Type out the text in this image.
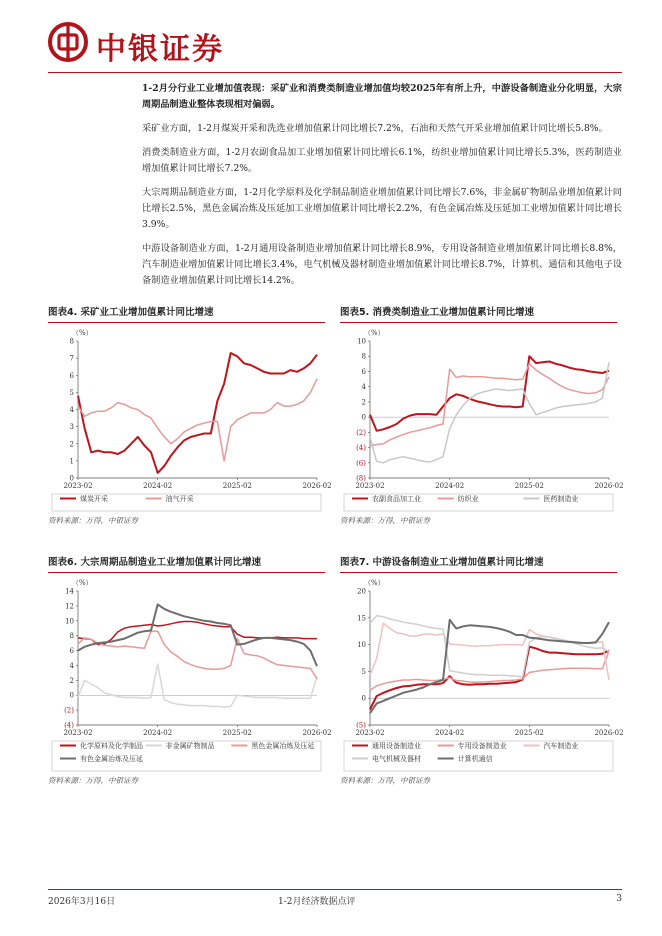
中银证券

1-2月分行业工业增加值表现：采矿业和消费类制造业增加值均较2025年有所上升，中游设备制造业分化明显，大宗周期品制造业整体表现相对偏弱。

采矿业方面，1-2月煤炭开采和洗选业增加值累计同比增长7.2%，石油和天然气开采业增加值累计同比增长5.8%。

消费类制造业方面，1-2月农副食品加工业增加值累计同比增长6.1%，纺织业增加值累计同比增长5.3%，医药制造业增加值累计同比增长7.2%。

大宗周期品制造业方面，1-2月化学原料及化学制品制造业增加值累计同比增长7.6%，非金属矿物制品业增加值累计同比增长2.5%，黑色金属冶炼及压延加工业增加值累计同比增长2.2%，有色金属冶炼及压延加工业增加值累计同比增长3.9%。

中游设备制造业方面，1-2月通用设备制造业增加值累计同比增长8.9%，专用设备制造业增加值累计同比增长8.8%，汽车制造业增加值累计同比增长3.4%，电气机械及器材制造业增加值累计同比增长8.7%，计算机、通信和其他电子设备制造业增加值累计同比增长14.2%。

图表4. 采矿业工业增加值累计同比增速
（%）
0
1
2
3
4
5
6
7
8
2023-02	2024-02	2025-02	2026-02
煤炭开采	油气开采
资料来源：万得，中银证券
图表5. 消费类制造业工业增加值累计同比增速
（%）
(8)
(6)
(4)
(2)
0
2
4
6
8
10
2023-02	2024-02	2025-02	2026-02
农副食品加工业	纺织业	医药制造业
资料来源：万得，中银证券
图表6. 大宗周期品制造业工业增加值累计同比增速
（%）
(4)
(2)
0
2
4
6
8
10
12
14
2023-02	2024-02	2025-02	2026-02
化学原料及化学制品	非金属矿物制品	黑色金属冶炼及压延
有色金属冶炼及压延
资料来源：万得，中银证券
图表7. 中游设备制造业工业增加值累计同比增速
（%）
(5)
0
5
10
15
20
2023-02	2024-02	2025-02	2026-02
通用设备制造业	专用设备制造业	汽车制造业
电气机械及器材	计算机通信
资料来源：万得，中银证券
2026年3月16日	1-2月经济数据点评	3
